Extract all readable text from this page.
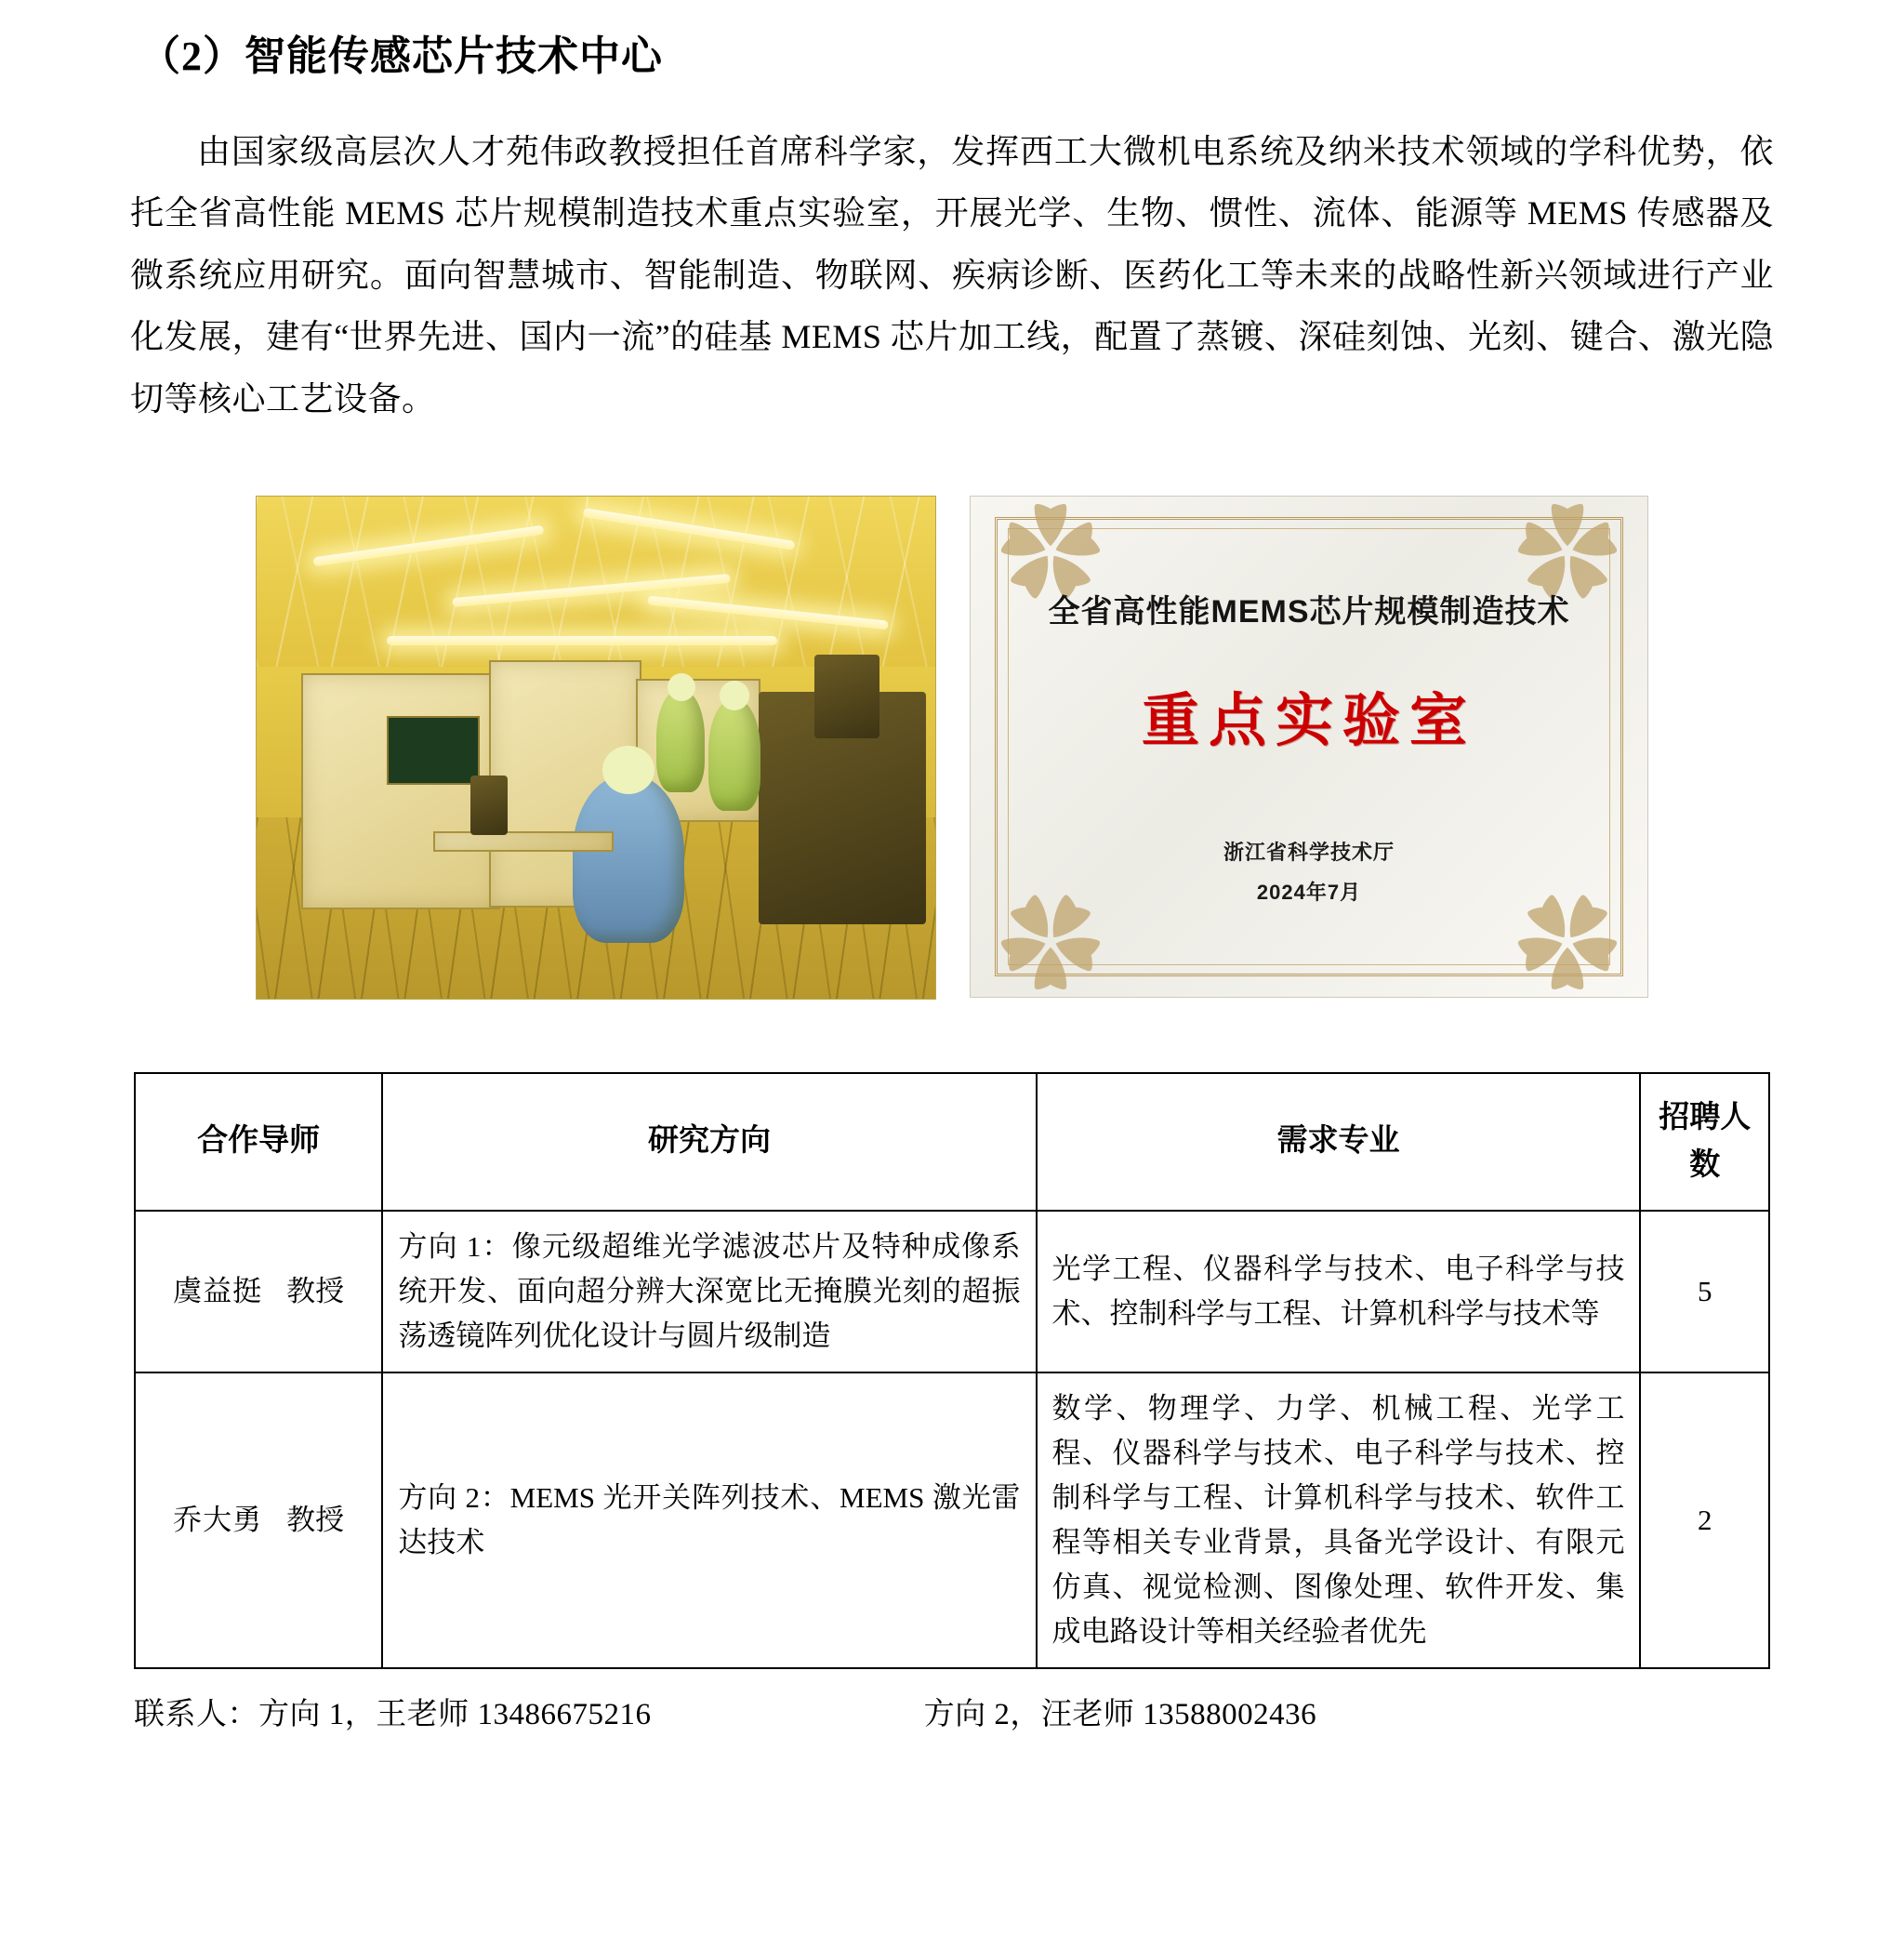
（2）智能传感芯片技术中心

由国家级高层次人才苑伟政教授担任首席科学家，发挥西工大微机电系统及纳米技术领域的学科优势，依托全省高性能 MEMS 芯片规模制造技术重点实验室，开展光学、生物、惯性、流体、能源等 MEMS 传感器及微系统应用研究。面向智慧城市、智能制造、物联网、疾病诊断、医药化工等未来的战略性新兴领域进行产业化发展，建有“世界先进、国内一流”的硅基 MEMS 芯片加工线，配置了蒸镀、深硅刻蚀、光刻、键合、激光隐切等核心工艺设备。

✿	✿
✿	✿
全省高性能MEMS芯片规模制造技术
重点实验室
浙江省科学技术厅
2024年7月
合作导师	研究方向	需求专业	招聘人数
虞益挺 教授	方向 1：像元级超维光学滤波芯片及特种成像系统开发、面向超分辨大深宽比无掩膜光刻的超振荡透镜阵列优化设计与圆片级制造	光学工程、仪器科学与技术、电子科学与技术、控制科学与工程、计算机科学与技术等	5
乔大勇 教授	方向 2：MEMS 光开关阵列技术、MEMS 激光雷达技术	数学、物理学、力学、机械工程、光学工程、仪器科学与技术、电子科学与技术、控制科学与工程、计算机科学与技术、软件工程等相关专业背景，具备光学设计、有限元仿真、视觉检测、图像处理、软件开发、集成电路设计等相关经验者优先	2
联系人：方向 1，王老师 13486675216	方向 2，汪老师 13588002436
